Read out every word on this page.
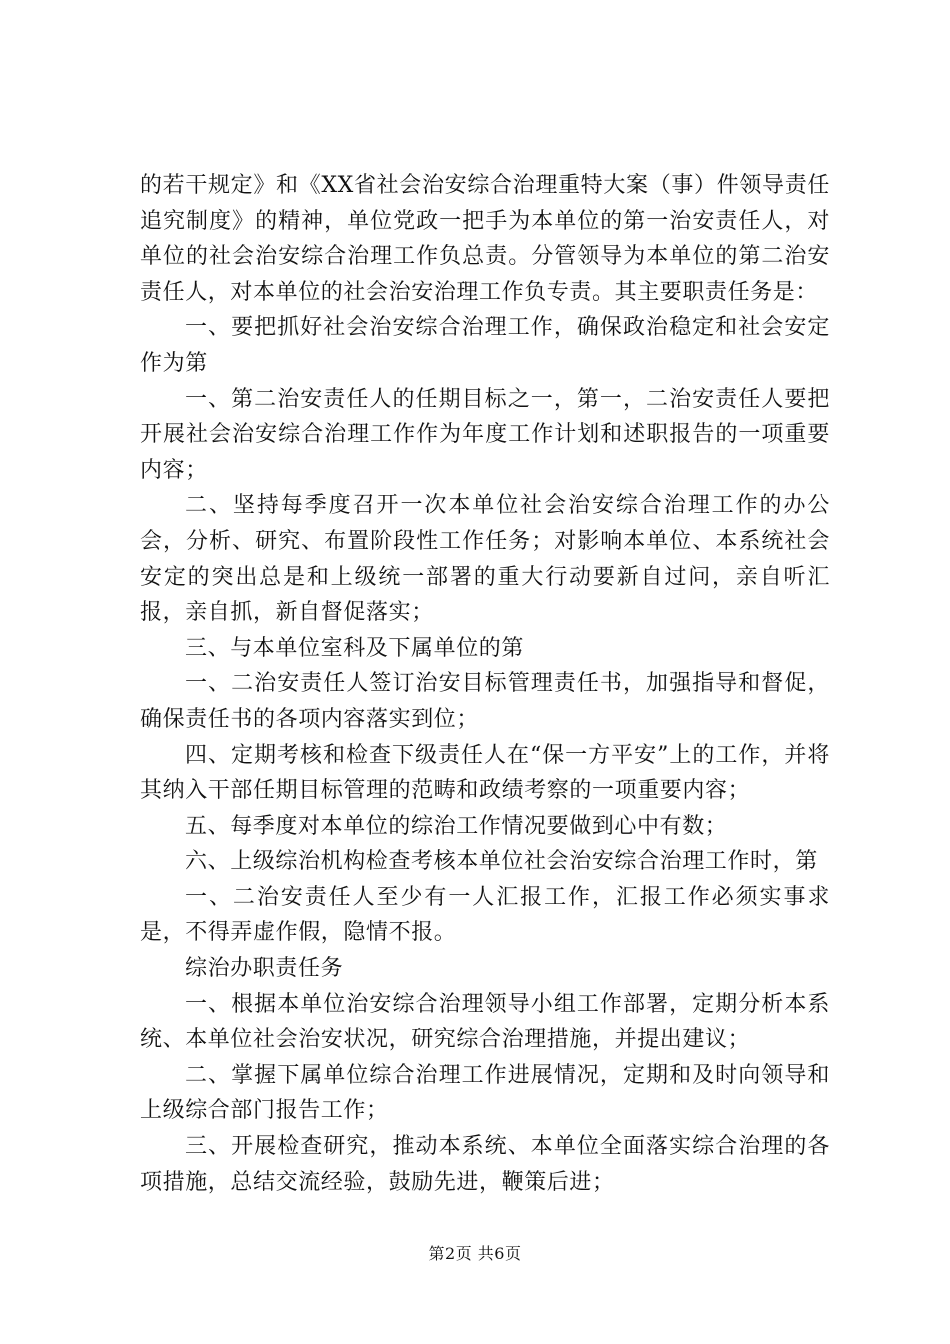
的若干规定》和《XX省社会治安综合治理重特大案（事）件领导责任追究制度》的精神，单位党政一把手为本单位的第一治安责任人，对单位的社会治安综合治理工作负总责。分管领导为本单位的第二治安责任人，对本单位的社会治安治理工作负专责。其主要职责任务是：

一、要把抓好社会治安综合治理工作，确保政治稳定和社会安定作为第

一、第二治安责任人的任期目标之一，第一，二治安责任人要把开展社会治安综合治理工作作为年度工作计划和述职报告的一项重要内容；

二、坚持每季度召开一次本单位社会治安综合治理工作的办公会，分析、研究、布置阶段性工作任务；对影响本单位、本系统社会安定的突出总是和上级统一部署的重大行动要新自过问，亲自听汇报，亲自抓，新自督促落实；

三、与本单位室科及下属单位的第

一、二治安责任人签订治安目标管理责任书，加强指导和督促，确保责任书的各项内容落实到位；

四、定期考核和检查下级责任人在“保一方平安”上的工作，并将其纳入干部任期目标管理的范畴和政绩考察的一项重要内容；

五、每季度对本单位的综治工作情况要做到心中有数；

六、上级综治机构检查考核本单位社会治安综合治理工作时，第

一、二治安责任人至少有一人汇报工作，汇报工作必须实事求是，不得弄虚作假，隐情不报。

综治办职责任务

一、根据本单位治安综合治理领导小组工作部署，定期分析本系统、本单位社会治安状况，研究综合治理措施，并提出建议；

二、掌握下属单位综合治理工作进展情况，定期和及时向领导和上级综合部门报告工作；

三、开展检查研究，推动本系统、本单位全面落实综合治理的各项措施，总结交流经验，鼓励先进，鞭策后进；

第2页 共6页
